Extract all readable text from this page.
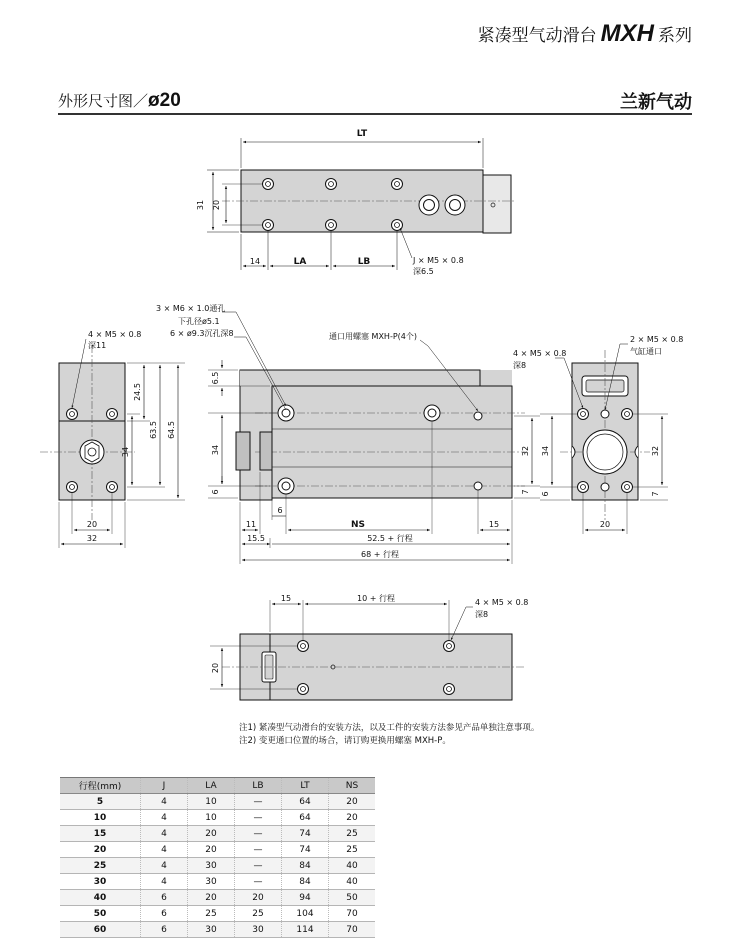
紧凑型气动滑台 MXH 系列
外形尺寸图／ø20	兰新气动
LT
31 20
14	LA	LB	J × M5 × 0.8
深6.5
4 × M5 × 0.8
深11
24.5
63.5 64.5
34
20
32
3 × M6 × 1.0通孔
下孔径ø5.1
6 × ø9.3沉孔深8	通口用螺塞 MXH-P(4个)
6.5
34
6
32
7
11
6
NS	15
15.5	52.5 + 行程
68 + 行程
4 × M5 × 0.8
深8
2 × M5 × 0.8
气缸通口
34
6
32
7
20
15	10 + 行程	4 × M5 × 0.8
深8
20
注1) 紧凑型气动滑台的安装方法，以及工件的安装方法参见产品单独注意事项。
注2) 变更通口位置的场合，请订购更换用螺塞 MXH-P。
行程(mm)	J	LA	LB	LT	NS
5	4	10	—	64	20
10	4	10	—	64	20
15	4	20	—	74	25
20	4	20	—	74	25
25	4	30	—	84	40
30	4	30	—	84	40
40	6	20	20	94	50
50	6	25	25	104	70
60	6	30	30	114	70
